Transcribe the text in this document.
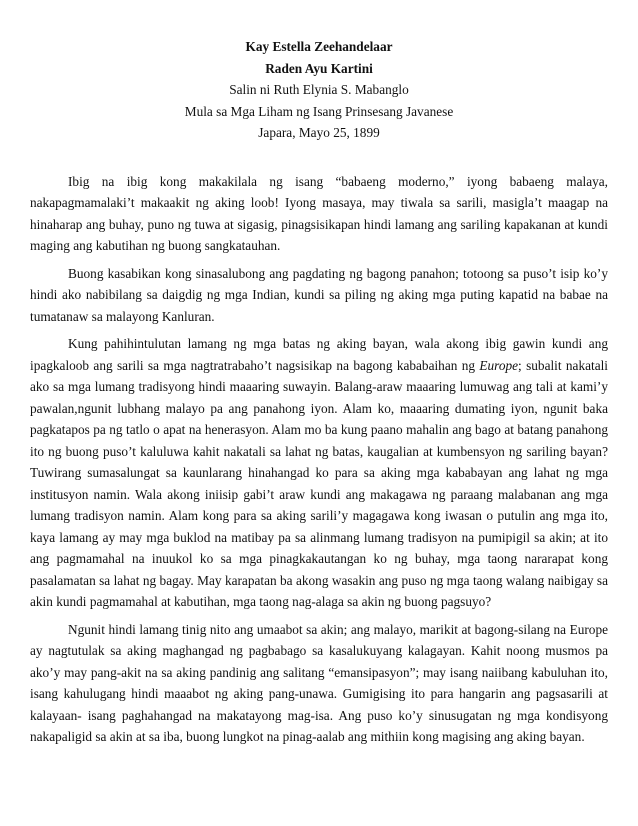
Kay Estella Zeehandelaar
Raden Ayu Kartini
Salin ni Ruth Elynia S. Mabanglo
Mula sa Mga Liham ng Isang Prinsesang Javanese
Japara, Mayo 25, 1899

Ibig na ibig kong makakilala ng isang “babaeng moderno,” iyong babaeng malaya, nakapagmamalaki’t makaakit ng aking loob! Iyong masaya, may tiwala sa sarili, masigla’t maagap na hinaharap ang buhay, puno ng tuwa at sigasig, pinagsisikapan hindi lamang ang sariling kapakanan at kundi maging ang kabutihan ng buong sangkatauhan.

Buong kasabikan kong sinasalubong ang pagdating ng bagong panahon; totoong sa puso’t isip ko’y hindi ako nabibilang sa daigdig ng mga Indian, kundi sa piling ng aking mga puting kapatid na babae na tumatanaw sa malayong Kanluran.

Kung pahihintulutan lamang ng mga batas ng aking bayan, wala akong ibig gawin kundi ang ipagkaloob ang sarili sa mga nagtratrabaho’t nagsisikap na bagong kababaihan ng Europe; subalit nakatali ako sa mga lumang tradisyong hindi maaaring suwayin. Balang-araw maaaring lumuwag ang tali at kami’y pawalan,ngunit lubhang malayo pa ang panahong iyon. Alam ko, maaaring dumating iyon, ngunit baka pagkatapos pa ng tatlo o apat na henerasyon. Alam mo ba kung paano mahalin ang bago at batang panahong ito ng buong puso’t kaluluwa kahit nakatali sa lahat ng batas, kaugalian at kumbensyon ng sariling bayan? Tuwirang sumasalungat sa kaunlarang hinahangad ko para sa aking mga kababayan ang lahat ng mga institusyon namin. Wala akong iniisip gabi’t araw kundi ang makagawa ng paraang malabanan ang mga lumang tradisyon namin. Alam kong para sa aking sarili’y magagawa kong iwasan o putulin ang mga ito, kaya lamang ay may mga buklod na matibay pa sa alinmang lumang tradisyon na pumipigil sa akin; at ito ang pagmamahal na inuukol ko sa mga pinagkakautangan ko ng buhay, mga taong nararapat kong pasalamatan sa lahat ng bagay. May karapatan ba akong wasakin ang puso ng mga taong walang naibigay sa akin kundi pagmamahal at kabutihan, mga taong nag-alaga sa akin ng buong pagsuyo?

Ngunit hindi lamang tinig nito ang umaabot sa akin; ang malayo, marikit at bagong-silang na Europe ay nagtutulak sa aking maghangad ng pagbabago sa kasalukuyang kalagayan. Kahit noong musmos pa ako’y may pang-akit na sa aking pandinig ang salitang “emansipasyon”; may isang naiibang kabuluhan ito, isang kahulugang hindi maaabot ng aking pang-unawa. Gumigising ito para hangarin ang pagsasarili at kalayaan- isang paghahangad na makatayong mag-isa. Ang puso ko’y sinusugatan ng mga kondisyong nakapaligid sa akin at sa iba, buong lungkot na pinag-aalab ang mithiin kong magising ang aking bayan.
